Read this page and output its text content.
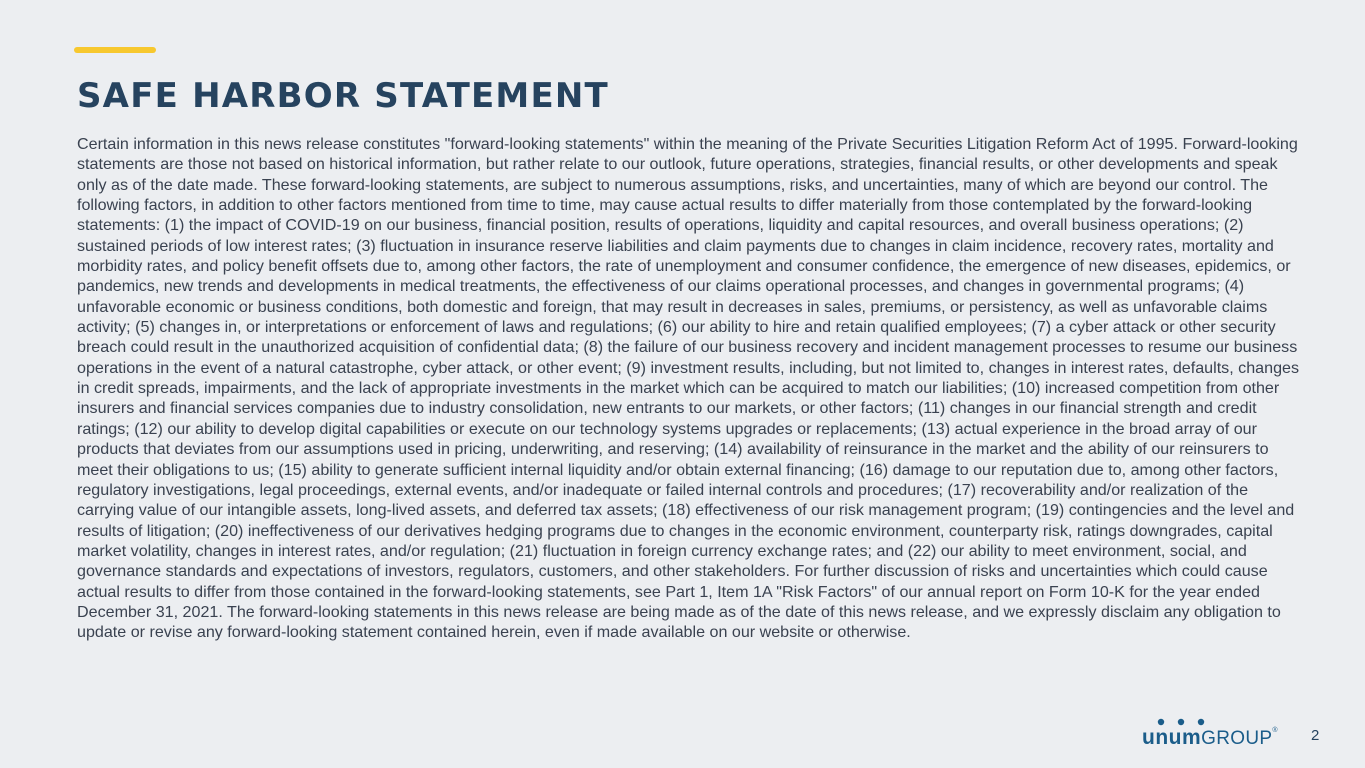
SAFE HARBOR STATEMENT

Certain information in this news release constitutes "forward-looking statements" within the meaning of the Private Securities Litigation Reform Act of 1995. Forward-looking statements are those not based on historical information, but rather relate to our outlook, future operations, strategies, financial results, or other developments and speak only as of the date made. These forward-looking statements, are subject to numerous assumptions, risks, and uncertainties, many of which are beyond our control. The following factors, in addition to other factors mentioned from time to time, may cause actual results to differ materially from those contemplated by the forward-looking statements: (1) the impact of COVID-19 on our business, financial position, results of operations, liquidity and capital resources, and overall business operations; (2) sustained periods of low interest rates; (3) fluctuation in insurance reserve liabilities and claim payments due to changes in claim incidence, recovery rates, mortality and morbidity rates, and policy benefit offsets due to, among other factors, the rate of unemployment and consumer confidence, the emergence of new diseases, epidemics, or pandemics, new trends and developments in medical treatments, the effectiveness of our claims operational processes, and changes in governmental programs; (4) unfavorable economic or business conditions, both domestic and foreign, that may result in decreases in sales, premiums, or persistency, as well as unfavorable claims activity; (5) changes in, or interpretations or enforcement of laws and regulations; (6) our ability to hire and retain qualified employees; (7) a cyber attack or other security breach could result in the unauthorized acquisition of confidential data; (8) the failure of our business recovery and incident management processes to resume our business operations in the event of a natural catastrophe, cyber attack, or other event; (9) investment results, including, but not limited to, changes in interest rates, defaults, changes in credit spreads, impairments, and the lack of appropriate investments in the market which can be acquired to match our liabilities; (10) increased competition from other insurers and financial services companies due to industry consolidation, new entrants to our markets, or other factors; (11) changes in our financial strength and credit ratings; (12) our ability to develop digital capabilities or execute on our technology systems upgrades or replacements; (13) actual experience in the broad array of our products that deviates from our assumptions used in pricing, underwriting, and reserving; (14) availability of reinsurance in the market and the ability of our reinsurers to meet their obligations to us; (15) ability to generate sufficient internal liquidity and/or obtain external financing; (16) damage to our reputation due to, among other factors, regulatory investigations, legal proceedings, external events, and/or inadequate or failed internal controls and procedures; (17) recoverability and/or realization of the carrying value of our intangible assets, long-lived assets, and deferred tax assets; (18) effectiveness of our risk management program; (19) contingencies and the level and results of litigation; (20) ineffectiveness of our derivatives hedging programs due to changes in the economic environment, counterparty risk, ratings downgrades, capital market volatility, changes in interest rates, and/or regulation; (21) fluctuation in foreign currency exchange rates; and (22) our ability to meet environment, social, and governance standards and expectations of investors, regulators, customers, and other stakeholders. For further discussion of risks and uncertainties which could cause actual results to differ from those contained in the forward-looking statements, see Part 1, Item 1A "Risk Factors" of our annual report on Form 10-K for the year ended December 31, 2021. The forward-looking statements in this news release are being made as of the date of this news release, and we expressly disclaim any obligation to update or revise any forward-looking statement contained herein, even if made available on our website or otherwise.

unumGROUP® 2
